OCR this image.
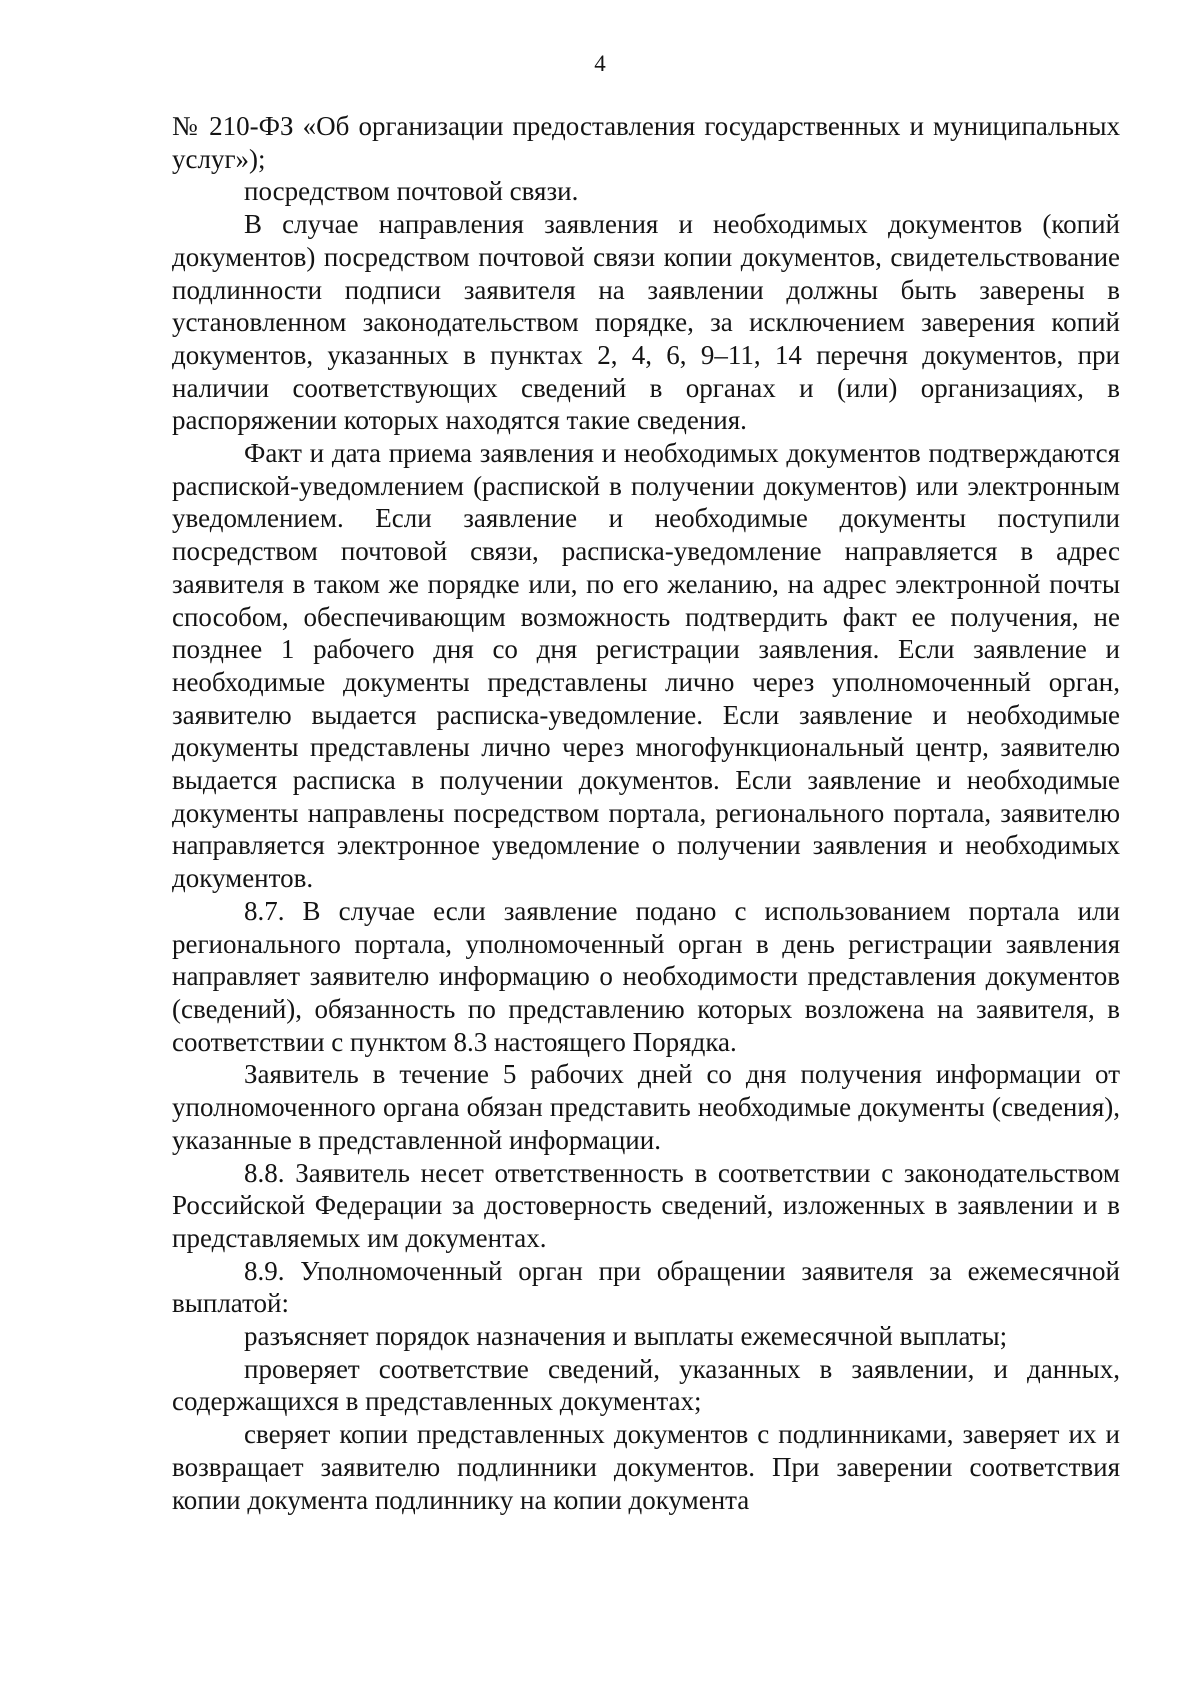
4

№ 210-ФЗ «Об организации предоставления государственных и муниципальных услуг»);

посредством почтовой связи.

В случае направления заявления и необходимых документов (копий документов) посредством почтовой связи копии документов, свидетельствование подлинности подписи заявителя на заявлении должны быть заверены в установленном законодательством порядке, за исключением заверения копий документов, указанных в пунктах 2, 4, 6, 9–11, 14 перечня документов, при наличии соответствующих сведений в органах и (или) организациях, в распоряжении которых находятся такие сведения.

Факт и дата приема заявления и необходимых документов подтверждаются распиской-уведомлением (распиской в получении документов) или электронным уведомлением. Если заявление и необходимые документы поступили посредством почтовой связи, расписка-уведомление направляется в адрес заявителя в таком же порядке или, по его желанию, на адрес электронной почты способом, обеспечивающим возможность подтвердить факт ее получения, не позднее 1 рабочего дня со дня регистрации заявления. Если заявление и необходимые документы представлены лично через уполномоченный орган, заявителю выдается расписка-уведомление. Если заявление и необходимые документы представлены лично через многофункциональный центр, заявителю выдается расписка в получении документов. Если заявление и необходимые документы направлены посредством портала, регионального портала, заявителю направляется электронное уведомление о получении заявления и необходимых документов.

8.7. В случае если заявление подано с использованием портала или регионального портала, уполномоченный орган в день регистрации заявления направляет заявителю информацию о необходимости представления документов (сведений), обязанность по представлению которых возложена на заявителя, в соответствии с пунктом 8.3 настоящего Порядка.

Заявитель в течение 5 рабочих дней со дня получения информации от уполномоченного органа обязан представить необходимые документы (сведения), указанные в представленной информации.

8.8. Заявитель несет ответственность в соответствии с законодательством Российской Федерации за достоверность сведений, изложенных в заявлении и в представляемых им документах.

8.9. Уполномоченный орган при обращении заявителя за ежемесячной выплатой:

разъясняет порядок назначения и выплаты ежемесячной выплаты;

проверяет соответствие сведений, указанных в заявлении, и данных, содержащихся в представленных документах;

сверяет копии представленных документов с подлинниками, заверяет их и возвращает заявителю подлинники документов. При заверении соответствия копии документа подлиннику на копии документа
